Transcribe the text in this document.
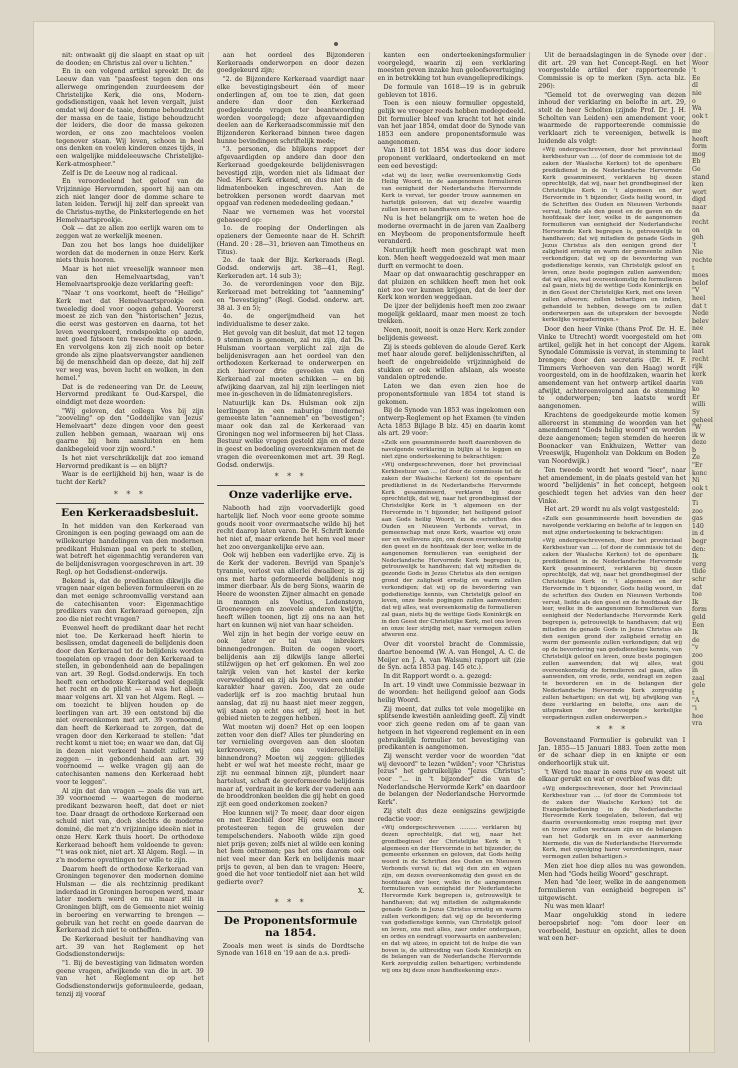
nit: ontwaakt gij die slaapt en staat op uit de dooden; en Christus zal over u lichten."

En in een volgend artikel spreekt Dr. de Leeuw dan van "paasfeest tegen den ons allerwege omringenden zuurdeesem der Christelijke Kerk, die ons, Modern-godsdienstigen, vaak het leven vergalt, juist omdat wij door de taaie, domme behoudzucht der massa en de taaie, listige behoudzucht der leiders, die door de massa gekozen worden, er ons zoo machteloos voelen tegenover staan. Wij leven, schoon in heel ons denken en voelen kinderen onzes tijds, in een walgelijke middeleeuwsche Christelijke-Kerk-atmospheer."

Zelf is Dr. de Leeuw nog al radicaal.

En veroordeelend het geloof van de Vrijzinnige Hervormden, spoort hij aan om zich niet langer door de domme schare te laten leiden. Terwijl hij zelf dan spreekt van de Christus-mythe, de Pinksterlegende en het Hemelvaartsprookje.

Ook — dat ze allen zoo eerlijk waren om te zeggen wat ze werkelijk meenen.

Dan zou het bos langs hoe duidelijker worden dat de modernen in onze Herv. Kerk niets thuis hooren.

Maar is het niet vreeselijk wanneer men van den Hemelvaartsdag, van't Hemelvaartsprookje deze verklaring geeft:

"Naar 't ons voorkomt, heeft de "Heilige" Kerk met dat Hemelvaartsprookje een tweeledig doel voor oogen gehad. Voorerst moest ze zich van den "historischen" Jezus, die eerst was gestorven en daarna, tot het leven weergekeerd, rondspookte op aarde, met goed fatsoen ten tweede male ontdoen. En vervolgens kon zij zich nooit op beter gronde als zijne plaatsvervangster aandienen bij de menschheid dan op deeze, dat hij zelf ver weg was, boven lucht en wolken, in den hemel."

Dat is de redeneering van Dr. de Leeuw, Hervormd predikant te Oud-Karspel, die einddigt met deze woorden:

"Wij geloven, dat collega Vos bij zijn "zooveling" op den "Goddelijke van Jezus' Hemelvaart" deze dingen voor den geest zullen hebben gemaan, waaraan wij ons gaarne bij hem aansluiten en hem dankbegeleid voor zijn woord."

Is het niet verschrikkelijk dat zoo iemand Hervormd predikant is — en blijft?

Waar is de eerlijkheid bij hen, waar is de tucht der Kerk?

* * *
Een Kerkeraadsbesluit.

In het midden van den Kerkeraad van Groningen is een poging gewaagd om aan de willekeurige handelingen van den modernen predikant Hulsman paal en perk te stellen, wat betreft het eigenmachtig veranderen van de belijdenisvragen voorgeschreven in art. 39 Regl. op het Godsdienst-onderwijs.

Bekend is, dat de predikanten dikwijls die vragen naar eigen believen formuleeren en ze dan met eenige schroomvallig verstand aan de catechisanten voor: Eigenmachtige predikers van den Kerkeraad geroepen, zijn zoo die niet recht vragen?

Evenwel heeft de predikant daar het recht niet toe. De Kerkeraad heeft hierin te beslissen, omdat dageneeli de belijdenis doen door den Kerkeraad tot de belijdenis worden toegelaten op vragen door den Kerkeraad te stellen, in gebondenheid aan de bepalingen van art. 39 Regl. Godsd.onderwijs. En toch heeft een orthodoxe Kerkeraad wel degelijk het recht en de plicht — al was het alleen maar volgens art. XI van het Algem. Regl. — om toezicht te blijven houden op de leerlingen van art. 39 een ontstond bij die niet overeenkomen met art. 39 voornoemd, dan heeft de Kerkeraad te zorgen, dat de vragen door den Kerkeraad te stellen: "dat recht komt u niet toe; en waar we dan, dat Gij in dezen niet verkeerd handelt zullen wij zeggen — in gebondenheid aan art. 39 voornoemd — welke vragen gij aan de catechisanten namens den Kerkeraad hebt voor te leggen".

Al zijn dat dan vragen — zoals die van art. 39 voornoemd — waartegen de moderne predikant bezwaren heeft, dat doet er niet toe. Daar draagt de orthodoxe Kerkeraad een schuld niet van, doch slechts de moderne dominé, die met z'n vrijzinnige ideeën niet in onze Herv. Kerk thuis hoort. De orthodoxe Kerkeraad behoeft hem voldoende te geven: "'t was ook niet, niet art. XI Algem. Regl. — in z'n moderne opvattingen ter wille te zijn.

Daarom heeft de orthodoxe Kerkeraad van Groningen tegenover den modernen domine Hulsman — die als rechtzinnig predikant inderdaad in Groningen beroepen werd, maar later modern werd en nu maar stil in Groningen blijft, om de Gemeente niet weinig in beroering en verwarring te brengen — gebruik van het recht en goede daarvan de Kerkeraad zich niet te ontheffen.

De Kerkeraad besluit ter handhaving van art. 39 van het Reglement op het Godsdienstonderwijs:

"1. Bij de bevestiging van lidmaten worden geene vragen, afwijkende van die in art. 39 van het Reglement op het Godsdienstonderwijs geformuleerde, gedaan, tenzij zij vooraf

aan het oordeel des Bijzonderen Kerkeraads onderworpen en door dezen goedgekeurd zijn;

"2. de Bijzondere Kerkeraad vaardigt naar elke bevestigingsbeurt één of meer onderlingen af, om toe te zien, dat geen andere dan door den Kerkeraad goedgekeurde vragen ter beantwoording worden voorgelegd; deze afgevaardigden deelen aan de Kerkeraadscommissie mit den Bijzonderen Kerkeraad binnen twee dagen hunne bevindingen schriftelijk mede;

"3. personen, die blijkens rapport der afgevaardigden op andere dan door den Kerkeraad goedgekeurde belijdenisvragen bevestigd zijn, worden niet als lidmaat der Ned. Herv. Kerk erkend, en dus niet in de lidmatenboeken ingeschreven. Aan de betrokken personen wordt daarvan met opgaaf van redenen mededeeling gedaan."

Naar we vernemen was het voorstel gebaseerd op:

1o. de roeping der Onderlingen als opzieners der Gemeente naar de H. Schrift (Hand. 20 : 28—31, brieven aan Timotheus en Titus).

2o. de taak der Bijz. Kerkeraads (Regl. Godsd. onderwijs art. 38—41, Regl. Kerkeraden art. 14 sub 3);

3o. de verordeningen voor den Bijz. Kerkeraad met betrekking tot "aanneming" en "bevestiging" (Regl. Godsd. onderw. art. 38 al. 3 en 5);

4o. de ongerijmdheid van het individualisme te deser zake.

Het gevolg van dit besluit, dat met 12 tegen 9 stemmen is genomen, zal nu zijn, dat Ds. Hulsman voortaan verplicht zal zijn de belijdenisvragen aan het oordeel van den orthodoxen Kerkeraad te onderwerpen en zich hiervoor drie geveelen van den Kerkeraad zal moeten schikken — en bij afwijking daarvan, zal hij zijn leerlingen niet mee in-gescheven in de lidmatenregisters.

Natuurlijk kan Ds. Hulsman ook zijn leerlingen in een naburige (moderne) gemeente laten "aannemen" en "bevestigen"; maar ook dan zal de Kerkeraad van Groningen nog wel informeeren bij het Class. Bestuur welke vragen gesteld zijn en of deze in geest en bedoeling overeenkwamen met de vragen die overeenkomen met art. 39 Regl. Godsd. onderwijs.

* * *
Onze vaderlijke erve.

Nabooth had zijn voorvaderlijk goed hartelijk lief. Noch voor eene groote somme gouds nooit voor overmaatsche wilde hij het recht daarop laten varen. De H. Schrift kende het niet af, maar erkende het hem veel meer het zoo onvergankelijke erve aan.

Ook wij hebben een vaderlijke erve. Zij is de Kerk der vaderen. Bevrijd van Spanje's tyrannie, verlost van allerlei dwaalleer, is zij ons met harte geformeerde belijdenis nog immer dierbaar. Als de berg Sions, waarin de Heere de woonsten Zijner almacht en genade in mannen als Voetius, Lodensteyn, Groenewegen en zoovele anderen kwijtte, heeft willen toonen, ligt zij ons na aan het hart en kunnen wij niet van haar scheiden.

Wel zijn in het begin der vorige eeuw en ook later er tal van inbrekers binnengedrongen. Buiten de oogen voort, belijdenis aan zij dikwijls lange allerlei stilzwijgen op het erf gekomen. En wel zoo talrijk velen van het kastel der kerke overweldigend en zij als bouwers een ander karakter haar gaven. Zoo, dat ze oude vaderlijk erf is zoo machtig brutaal hun aanslag, dat zij nu haast niet meer zeggen, wij staan op echt ons erf, zij heet in het gebied nieten te zeggen hebben.

Wat moeten wij doen? Het op een loopen zetten voor den dief? Alles ter plundering en ter vernieling overgeven aan den slooten kerkroovers, die ons veiderechtelijk binnendrong? Moeten wij zeggen: gijliedes hebt er wel wat het meeste recht, maar ge zijt nu eenmaal binnen zijt, plundert naar hartelust, schaft de gereformeerde belijdenis maar af, verdraait in de kerk der vaderen aan de brooddronken beelden die gij hebt en goed zijt een goed onderkomen zoeken?

Hoe kunnen wij? Te meer, daar door eigen en met Ezechiël door Hij eens een meer protesteeren tegen de gruwelen der tempelschenders. Nabooth wilde zijn goed niet prijs geven; zelfs niet al wilde een koning het hem ontnemen; pas het ons daarom ook niet veel meer dan Kerk en belijdenis maar prijs te geven, al ben dan te vragen: Heere, goed die het voor tentiedolf niet aan het wild gedierte over?

X.
* * *
De Proponentsformule na 1854.

Zooals men weet is sinds de Dordtsche Synode van 1618 en '19 aan de a.s. predi-

kanten een onderteekeningsformulier voorgelegd, waarin zij een verklaring moesten geven inzake hun geloofsovertuiging en in betrekking tot hun evangeliepredikings.

De formule van 1618—19 is in gebruik gebleven tot 1816.

Toen is een nieuw formulier opgesteld, gelijk we vroeger reeds hebben medegedeeld. Dit formulier bleef van kracht tot het einde van het jaar 1854, omdat door de Synode van 1853 een andere proponentsformule was aangenomen.

Van 1816 tot 1854 was dus door iedere proponent verklaard, onderteekend en met een eed bevestigd:

«dat wij de leer, welke overeenkomstig Gods Heilig Woord, in de aangenomen formulieren van eenigheid der Nederlandsche Hervormde Kerk is vervat, ter goeder trouw aannemen en hartelijk gelooven, dat wij dezelve waardig zullen leeren en handhaven enz».

Nu is het belangrijk om te weten hoe de moderne overmacht in de jaren van Zaalberg en Meyboom de proponentsformule heeft veranderd.

Natuurlijk heeft men geschrapt wat men kon. Men heeft weggedoezeld wat men maar durft en vermocht te doen.

Maar op dat onwaarachtig geschrapper en dat pluizen en schikken heeft men het ook niet zoo ver kunnen krijgen, dat de leer der Kerk kon worden weggedaan.

De ijzer der belijdenis heeft men zoo zwaar mogelijk geklaard, maar men moest ze toch trekken.

Neen, nooit, nooit is onze Herv. Kerk zonder belijdenis geweest.

Zij is steeds gebleven de aloude Geref. Kerk met haar aloude geref. belijdenisschriften, al heeft de ongebreidelde vrijzinnigheid de stukken er ook willen afslaan, als woeste vandalen optredende.

Laten we dan even zien hoe de proponentsformule van 1854 tot stand is gekomen.

Bij de Synode van 1853 was ingekomen een ontwerp-Reglement op het Examen (te vinden Acta 1853 Bijlage B blz. 45) en daarin komt als art. 29 voor:

«Zelk een gesanmineerde heeft daarenboven de navolgende verklaring in bijlijn al te leggen en niet zijne onderteekening te bekrachtigen:

«Wij ondergeschrevenen, door het provinciaal Kerkbestuur van .... (of door de commissie tot de zaken der Waalsche Kerken) tot de openbare predikdienst in de Nederlandsche Hervormde Kerk gesanmineerd, verklaren bij deze oprechtelijk, dat wij, naar het grondbeginsel der Christelijke Kerk in 't algemeen en der Hervormde in 't bijzonder, het heiligend geloof aan Gods heilig Woord, in de schriften des Ouden en Nieuwen Verbonds vervat, in gemeenschap met onze Kerk, waartoe wij onze eer en wellevens zijn, om dezen overeenkomstig den geest en de hoofdzaak der leer, welke in de aangenomen formulieren van eenigheid der Nederlandsche Hervormde Kerk begrepen is, getrouwelijk te handhaven; dat wij mitsdien de gezonde Gods in Jezus Christus als den eenigen grond der zaligheid ernstig en warm zullen verkondigen; dat wij op de bevordering van godsdienstige kennis, van Christelijk geloof en leven, onze beste pogingen zullen aanwenden; dat wij alles, wat overeenkomstig de formulieren zal gaan, niets bij de wettige Gods Koninkrijk en in den Geest der Christelijke Kerk, met ons leven en onze leer strijdig met, naar vermogen zullen afweren enz.

Over dit voorstel bracht de Commissie, daartoe benoemd (W. A. van Hengel, A. C. de Meijer en J. A. van Walsum) rapport uit (zie de Syn. acta 1853 pag. 145 etc.).

In dit Rapport wordt o. a. gezegd:

In art. 19 vindt uwe Commissie bezwaar in de woorden: het heiligend geloof aan Gods heilig Woord.

Zij meent, dat zulks tot vele mogelijke en splitsende kwestiën aanleiding geeft. Zij vindt voor zich geene reden om af te gaan van hetgeen in het vigeerend reglement en in een gebruikelijk formulier tot bevestiging van predikanten is aangenomen.

Zij wenscht verder voor de woorden "dat wij devoord" te lezen "wilden"; voor "Christus Jezus" het gebruikelijke "Jezus Christus"; voor "... in 't bijzonder" die van de Nederlandsche Hervormde Kerk" en daardoor de belangen der Nederlandsche Hervormde Kerk".

Zij stelt dus deze eenigszins gewijzigde redactie voor:

«Wij ondergeschrevenen .......... verklaren bij dezen oprechtelijk, dat wij, naar het grondbeginsel der Christelijke Kerk in 't algemeen en der Hervormde in het bijzonder, de gemeente erkennen en geloven, dat Gods heilig woord in de Schriften des Ouden en Nieuwen Verbonds vervat is; dat wij den zin en wijzen zijn, om dezen overeenkomstig den geest en de hoofdzaak der leer, welke in de aangenomen formulieren van eenigheid der Nederlandsche Hervormde Kerk begrepen is, getrouwelijk te handhaven; dat wij mitsdien de zaligmakende genade Gods in Jezus Christus ernstig en warm zullen verkondigen; dat wij op de bevordering van godsdienstige kennis, van Christelijk geloof en leven, ons met alles, zaer onder ondergaan, en ordes en eendragt voorwaarts en aanbevelen; en dat wij alzoo, in opzicht tot de hulpe die van boven is, de uitbreiding van Gods Koninkrijk en de belangen van de Nederlandsche Hervormde Kerk zorgvuldig zullen behartigen; verbindende wij ons bij deze onze handteekening enz».

Uit de beraadslagingen in de Synode over dit art. 29 van het Concept-Regl. en het voorgestelde artikel der rapporteerende Commissie is op te merken (Syn. acta blz. 296):

"Gemeld tot de overweging van dezen inhoud der verklaring en belofte in art. 29, stelt de heer Scholten (zijnde Prof. Dr. J. H. Scholten van Leiden) een amendement voor, waarmede de rapporteerende commissie verklaart zich te vereenigen, betwelk is luidende als volgt:

«Wij ondergeschrevenen, door het provinciaal kerkbestuur van .... (of door de commissie tot de zaken der Waalsche Kerken) tot de openbare predikdienst in de Nederlandsche Hervormde Kerk gesanmineerd, verklaren bij dezen oprechtelijk, dat wij, naar het grondbeginsel der Christelijke Kerk in 't algemeen en der Hervormde in 't bijzonder, Gods heilig woord, in de Schriften des Ouden en Nieuwen Verbonds vervat, liefde als den geest en de gaven en de hoofdzaak der leer, welke in de aangenomen formulieren van eenigheid der Nederlandsche Hervormde Kerk begrepen is, getrouwelijk te handhaven; dat wij mitsdien de genade Gods in Jezus Christus als den eenigen grond der zaligheid ernstig en warm der gemeente zullen verkondigen; dat wij op de bevordering van godsdienstige kennis, van Christelijk geloof en leven, onze beste pogingen zullen aanwenden; dat wij alles, wat overeenkomstig de formulieren zal gaan, niets bij de wettige Gods Koninkrijk en in den Geest der Christelijke Kerk, met ons leven zullen afweren; zullen behartigen en indien, gehandeld te hebben, dewege om te zullen onderwerpen aan de uitspraken der bevoegde kerkelijke vergaderingen.»

Door den heer Vinke (thans Prof. Dr. H. E. Vinke te Utrecht) wordt voorgesteld om het artikel, gelijk het in het concept der Algem. Synodale Commissie is vervat, in stemming te brengen; door den secretaris (Dr. H. F. Timmers Verhoeven van den Haag) wordt voorgesteld, om in de hoofdzaken, waarin het amendement van het ontwerp artikel daarin afwijkt, achtereenvolgend aan de stemming te onderwerpen; ten laatste wordt aangenomen.

Krachtens de goedgekeurde motie komen allereerst in stemming de woorden van het amendement "Gods heilig woord" en worden deze aangenomen; tegen stemden de heeren Boonacker van Enkhuizen, Wetter van Vreeswijk, Hugenholz van Dokkum en Boden van Noordwijk.)

Ten tweede wordt het woord "leer", naar het amendement, in de plaats gesteld van het woord "belijdenis" in het concept, hetgeen geschiedt tegen het advies van den heer Vinke.

Het art. 29 wordt nu als volgt vastgesteld:

«Zulk een gesanmineerde heeft bovendien de navolgende verklaring en belofte af te leggen en met zijne onderteekening te bekrachtigen:

«Wij ondergeschrevenen, door het provinciaal Kerkbestuur van .... (of door de commissie tot de zaken der Waalsche Kerken) tot de openbare predikdienst in de Nederlandsche Hervormde Kerk gesanmineerd, verklaren bij dezen oprechtelijk, dat wij, naar het grondbeginsel der Christelijke Kerk in 't algemeen en der Hervormde in 't bijzonder, Gods heilig woord, in de schriften des Ouden en Nieuwen Verbonds vervat, liefde als den geest en de hoofdzaak der leer, welke in de aangenomen formulieren van eenigheid der Nederlandsche Hervormde Kerk begrepen is, getrouwelijk te handhaven; dat wij mitsdien de genade Gods in Jezus Christus als den eenigen grond der zaligheid ernstig en warm der gemeente zullen verkondigen; dat wij op de bevordering van godsdienstige kennis, van Christelijk geloof en leven, onze beste pogingen zullen aanwenden; dat wij alles, wat overeenkomstig de formulieren zal gaan, alles aanwenden, om vrede, orde, eendragt en zegen te bevorderen en in de belangen der Nederlandsche Hervormde Kerk zorgvuldig zullen behartigen; en dat wij, bij afwijking van deze verklaring en belofte, ons aan de uitspraken der bevoegde kerkelijke vergaderingen zullen onderwerpen.»

* * *

Bovenstaand Formulier is gebruikt van 1 Jan. 1855—15 Januari 1883. Toen zette men er de schaar diep in en knipte er een onderhoorlijk stuk uit.

't Werd toe maar in eens ruw en woest uit elkaar gerukt en wat er overbleef was dit:

«Wij ondergeschrevenen, door het Provinciaal Kerkbestuur van .... (of door de Commissie tot de zaken der Waalsche Kerken) tot de Evangeliebediening in de Nederlandsche Hervormde Kerk toegelaten, beloven, dat wij daarin overeenkomstig onze roeping met ijver en trouw zullen werkzaam zijn en de belangen van het Godsrijk en in ever aanmerking hiermede, die van de Nederlandsche Hervormde Kerk, met opvolging harer verordeningen, naar vermogen zullen behartigen.»

Men ziet hoe diep alles nu was gewonden. Men had "Gods heilig Woord" geschrapt.

Men had "de leer, welke in de aangenomen formulieren van eenigheid begrepen is" uitgewischt.

Nu was men klaar!

Maar ongelukkig stond in iedere beroepsbrief nog: "om door leer en voorbeeld, bestuur en opzicht, alles te doen wat een her-

der .
Woor
't
Ee
dl
nie
o
Wa
ook t
de
me
heeft
form
mog
Eb
Ge
stand
ken
wort
digd
naar
da
recht
on
geh
't
Nie
rechte
t
moes
belof
"V
heel
dat t
Nede
belev
nee
om
karak
laat
recht
rijk
kerk
van
ko
Er
willi
Sy
geheel
"W
ik w
deze
b
Ze
"Er
konc
Ni
ook t
der
Ti
zoo
gas
140
in d
begr
den:
Ik
verg
tlide
schr
dat
toe
Ik
form
geld
Een
Ik
de
"v
zoo
gou
in
zaal
gele
t
"A
"i
hoe
vra
